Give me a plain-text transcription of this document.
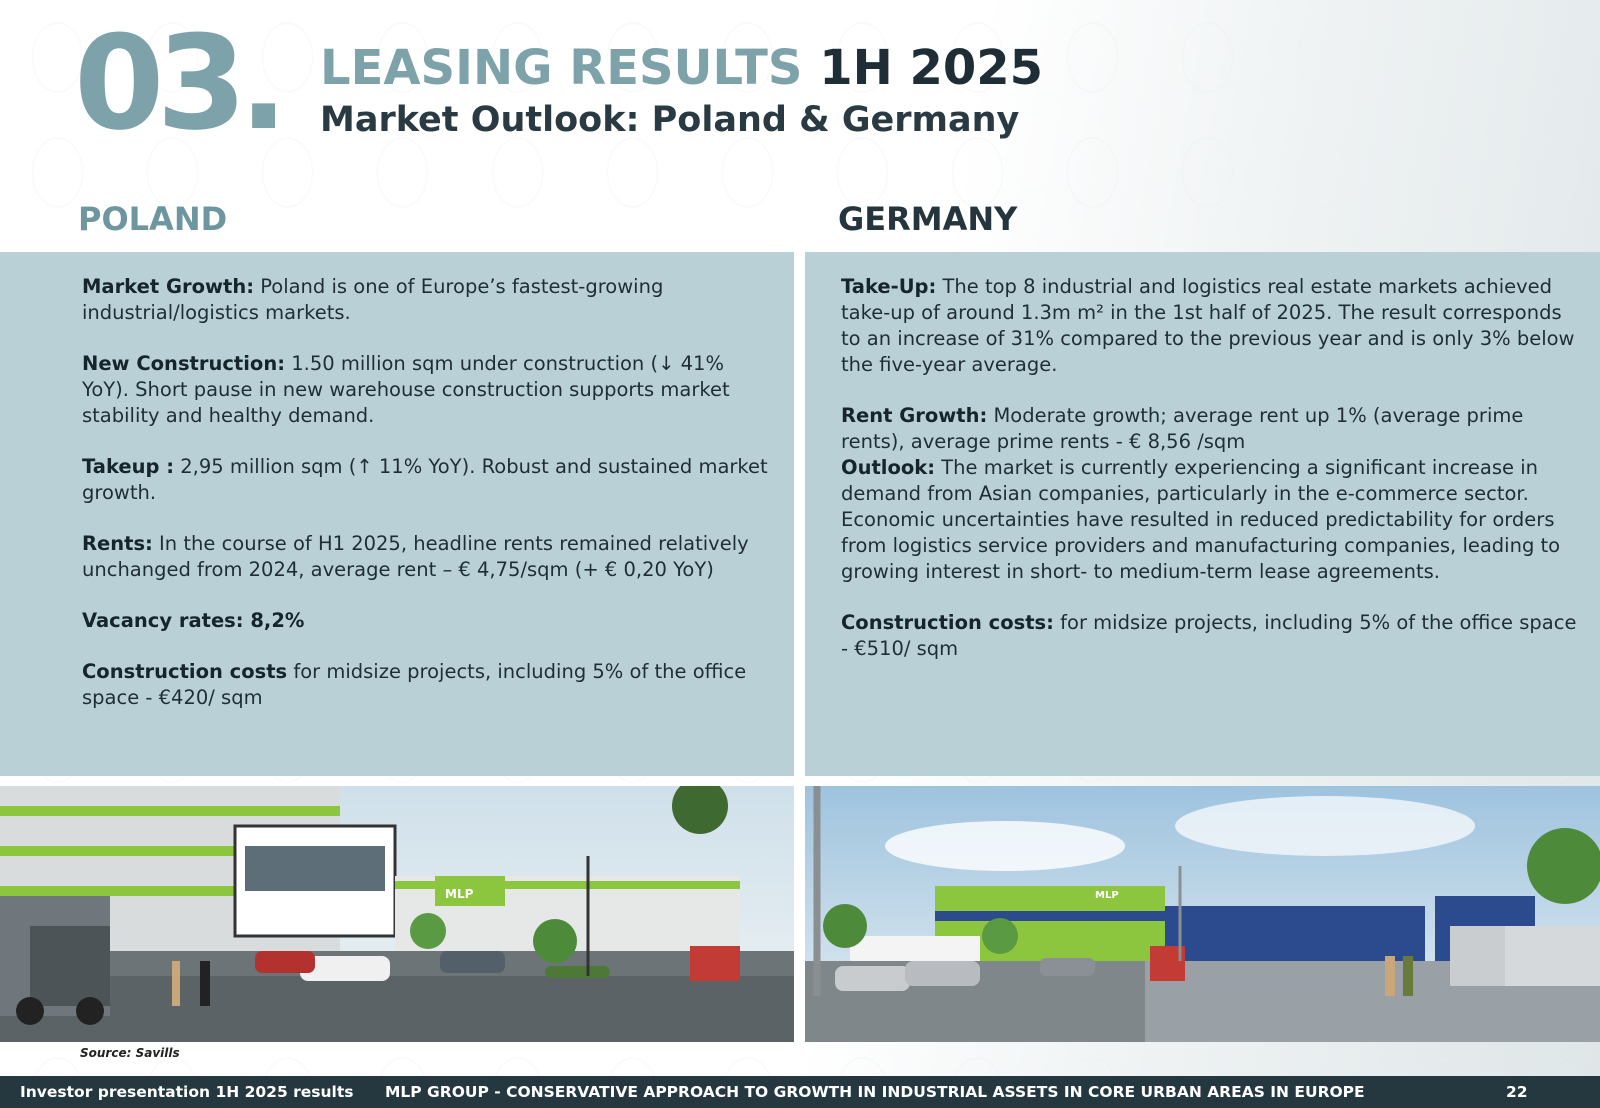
03. LEASING RESULTS 1H 2025
Market Outlook: Poland & Germany
POLAND	GERMANY

Market Growth: Poland is one of Europe’s fastest-growing industrial/logistics markets.

New Construction: 1.50 million sqm under construction (↓ 41% YoY). Short pause in new warehouse construction supports market stability and healthy demand.

Takeup : 2,95 million sqm (↑ 11% YoY). Robust and sustained market growth.

Rents: In the course of H1 2025, headline rents remained relatively unchanged from 2024, average rent – € 4,75/sqm (+ € 0,20 YoY)

Vacancy rates: 8,2%

Construction costs for midsize projects, including 5% of the office space - €420/ sqm

Take-Up: The top 8 industrial and logistics real estate markets achieved take-up of around 1.3m m² in the 1st half of 2025. The result corresponds to an increase of 31% compared to the previous year and is only 3% below the five-year average.

Rent Growth: Moderate growth; average rent up 1% (average prime rents), average prime rents - € 8,56 /sqm

Outlook: The market is currently experiencing a significant increase in demand from Asian companies, particularly in the e-commerce sector. Economic uncertainties have resulted in reduced predictability for orders from logistics service providers and manufacturing companies, leading to growing interest in short- to medium-term lease agreements.

Construction costs: for midsize projects, including 5% of the office space - €510/ sqm

MLP	MLP
Source: Savills
Investor presentation 1H 2025 results MLP GROUP - CONSERVATIVE APPROACH TO GROWTH IN INDUSTRIAL ASSETS IN CORE URBAN AREAS IN EUROPE	22
